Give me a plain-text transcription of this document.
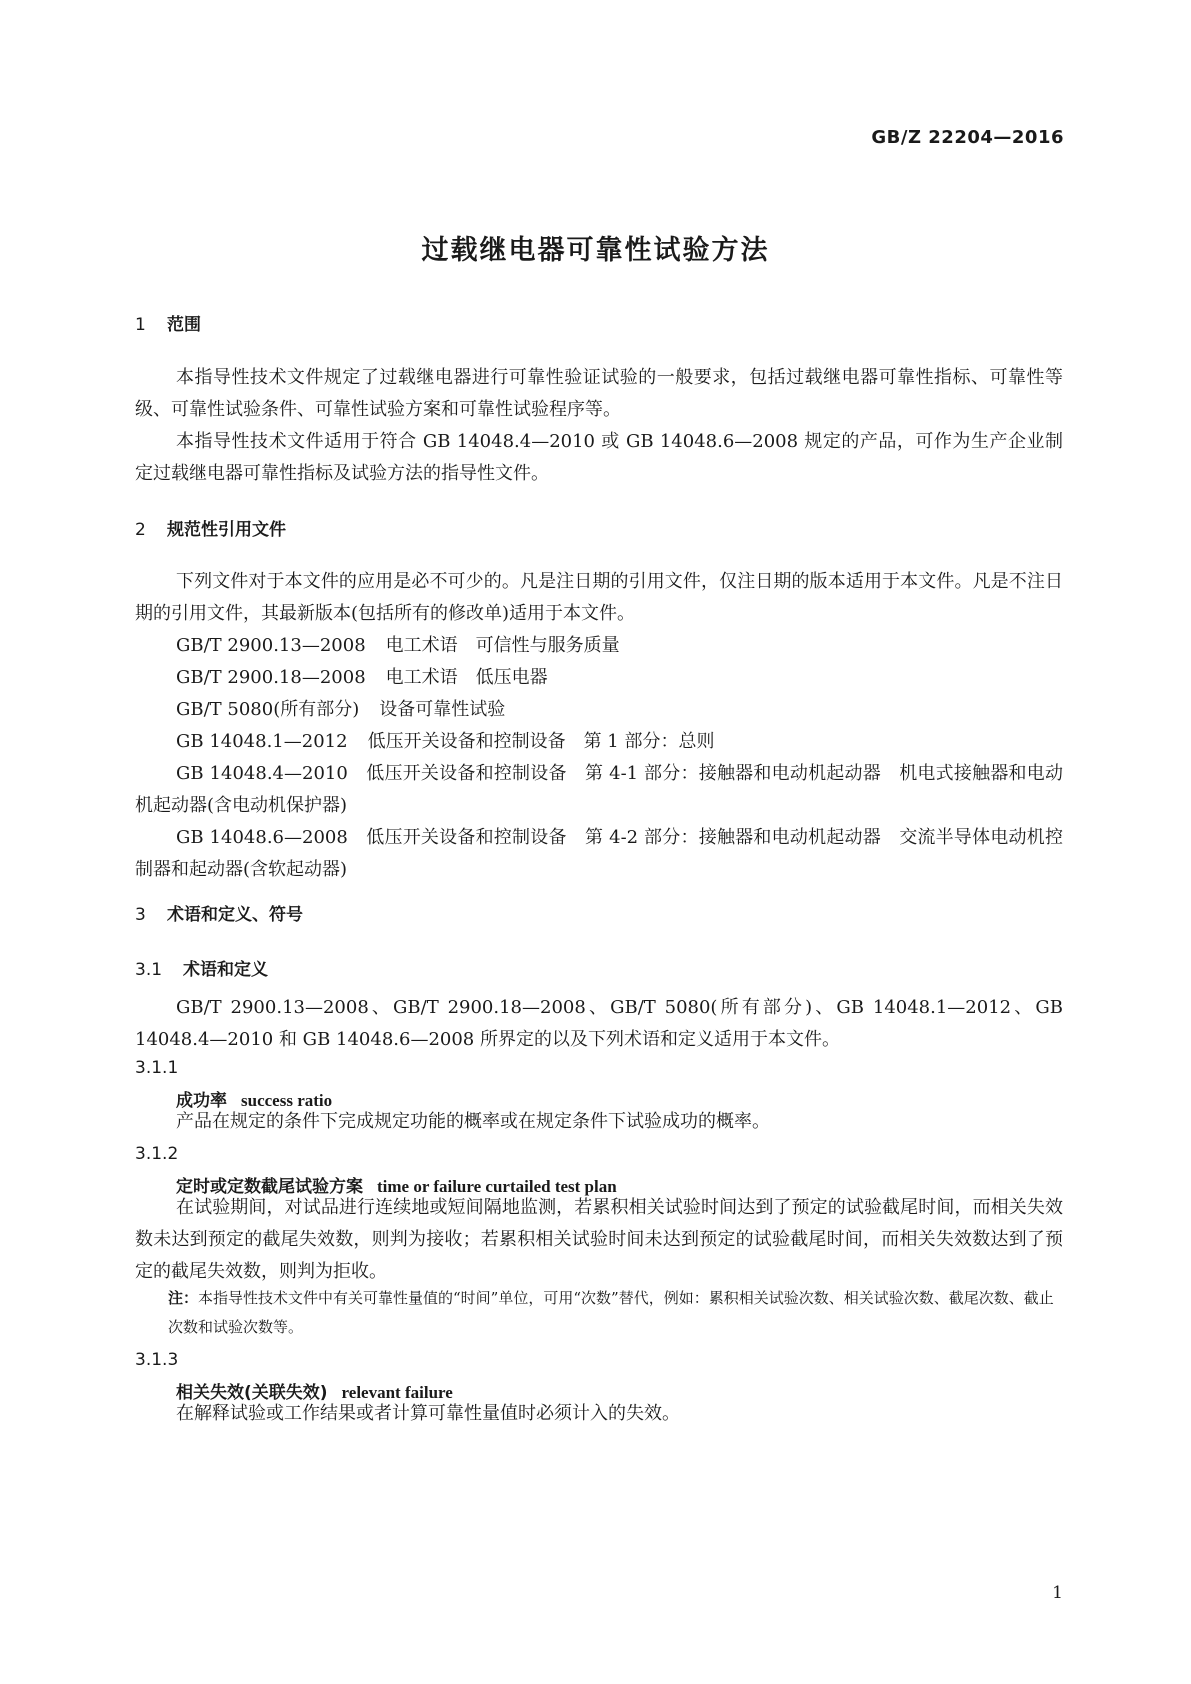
GB/Z 22204—2016
过载继电器可靠性试验方法
1 范围
本指导性技术文件规定了过载继电器进行可靠性验证试验的一般要求，包括过载继电器可靠性指标、可靠性等级、可靠性试验条件、可靠性试验方案和可靠性试验程序等。
本指导性技术文件适用于符合 GB 14048.4—2010 或 GB 14048.6—2008 规定的产品，可作为生产企业制定过载继电器可靠性指标及试验方法的指导性文件。
2 规范性引用文件
下列文件对于本文件的应用是必不可少的。凡是注日期的引用文件，仅注日期的版本适用于本文件。凡是不注日期的引用文件，其最新版本(包括所有的修改单)适用于本文件。
GB/T 2900.13—2008 电工术语　可信性与服务质量
GB/T 2900.18—2008 电工术语　低压电器
GB/T 5080(所有部分) 设备可靠性试验
GB 14048.1—2012 低压开关设备和控制设备　第 1 部分：总则
GB 14048.4—2010　低压开关设备和控制设备　第 4-1 部分：接触器和电动机起动器　机电式接触器和电动机起动器(含电动机保护器)
GB 14048.6—2008　低压开关设备和控制设备　第 4-2 部分：接触器和电动机起动器　交流半导体电动机控制器和起动器(含软起动器)
3 术语和定义、符号
3.1 术语和定义
GB/T 2900.13—2008、GB/T 2900.18—2008、GB/T 5080(所有部分)、GB 14048.1—2012、GB 14048.4—2010 和 GB 14048.6—2008 所界定的以及下列术语和定义适用于本文件。
3.1.1
成功率 success ratio
产品在规定的条件下完成规定功能的概率或在规定条件下试验成功的概率。
3.1.2
定时或定数截尾试验方案 time or failure curtailed test plan
在试验期间，对试品进行连续地或短间隔地监测，若累积相关试验时间达到了预定的试验截尾时间，而相关失效数未达到预定的截尾失效数，则判为接收；若累积相关试验时间未达到预定的试验截尾时间，而相关失效数达到了预定的截尾失效数，则判为拒收。
注：本指导性技术文件中有关可靠性量值的“时间”单位，可用“次数”替代，例如：累积相关试验次数、相关试验次数、截尾次数、截止次数和试验次数等。
3.1.3
相关失效(关联失效) relevant failure
在解释试验或工作结果或者计算可靠性量值时必须计入的失效。
1
